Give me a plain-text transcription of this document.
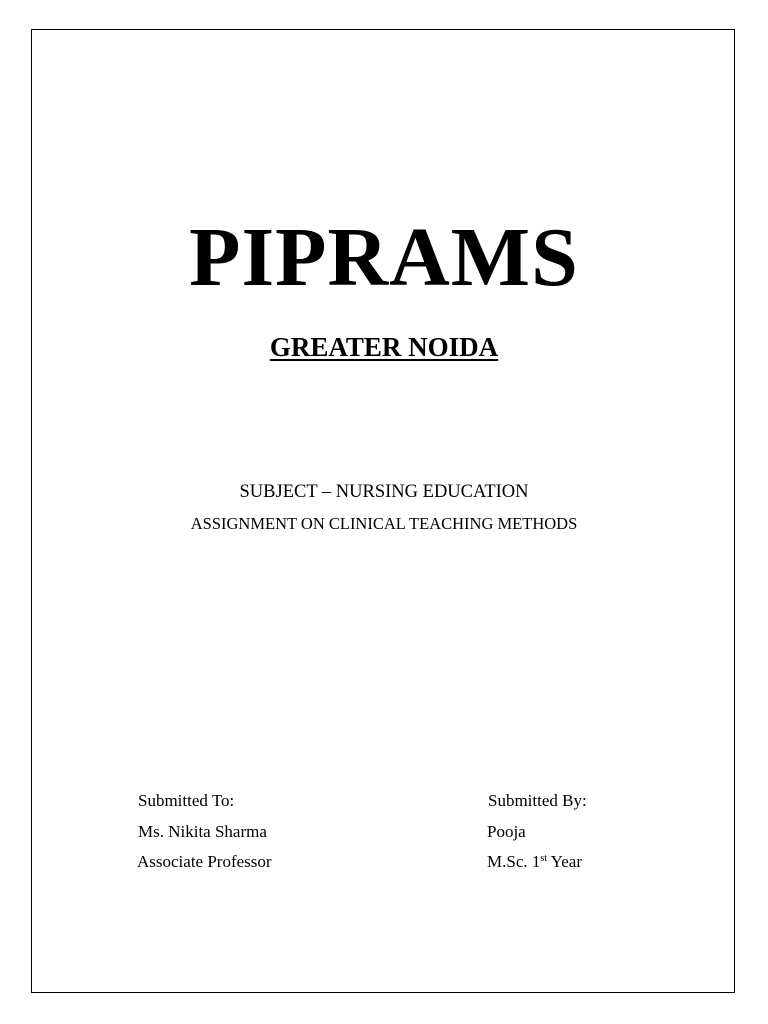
PIPRAMS
GREATER NOIDA
SUBJECT – NURSING EDUCATION
ASSIGNMENT ON CLINICAL TEACHING METHODS
Submitted To:
Ms. Nikita Sharma
Associate Professor
Submitted By:
Pooja
M.Sc. 1st Year
